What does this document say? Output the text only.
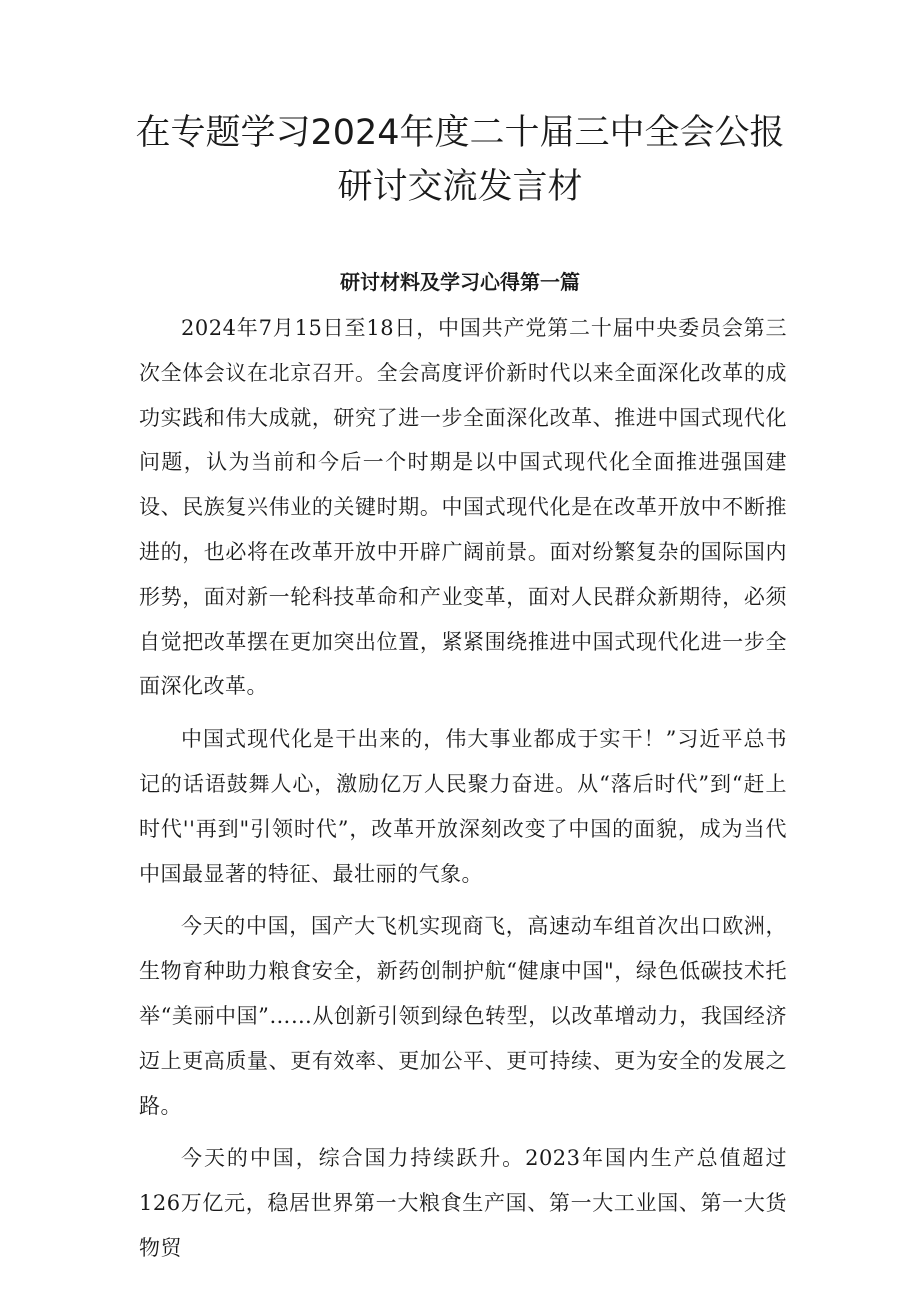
在专题学习2024年度二十届三中全会公报
研讨交流发言材
研讨材料及学习心得第一篇

2024年7月15日至18日，中国共产党第二十届中央委员会第三次全体会议在北京召开。全会高度评价新时代以来全面深化改革的成功实践和伟大成就，研究了进一步全面深化改革、推进中国式现代化问题，认为当前和今后一个时期是以中国式现代化全面推进强国建设、民族复兴伟业的关键时期。中国式现代化是在改革开放中不断推进的，也必将在改革开放中开辟广阔前景。面对纷繁复杂的国际国内形势，面对新一轮科技革命和产业变革，面对人民群众新期待，必须自觉把改革摆在更加突出位置，紧紧围绕推进中国式现代化进一步全面深化改革。

中国式现代化是干出来的，伟大事业都成于实干！”习近平总书记的话语鼓舞人心，激励亿万人民聚力奋进。从“落后时代”到“赶上时代''再到"引领时代”，改革开放深刻改变了中国的面貌，成为当代中国最显著的特征、最壮丽的气象。

今天的中国，国产大飞机实现商飞，高速动车组首次出口欧洲，生物育种助力粮食安全，新药创制护航“健康中国"，绿色低碳技术托举“美丽中国”……从创新引领到绿色转型，以改革增动力，我国经济迈上更高质量、更有效率、更加公平、更可持续、更为安全的发展之路。

今天的中国，综合国力持续跃升。2023年国内生产总值超过126万亿元，稳居世界第一大粮食生产国、第一大工业国、第一大货物贸
